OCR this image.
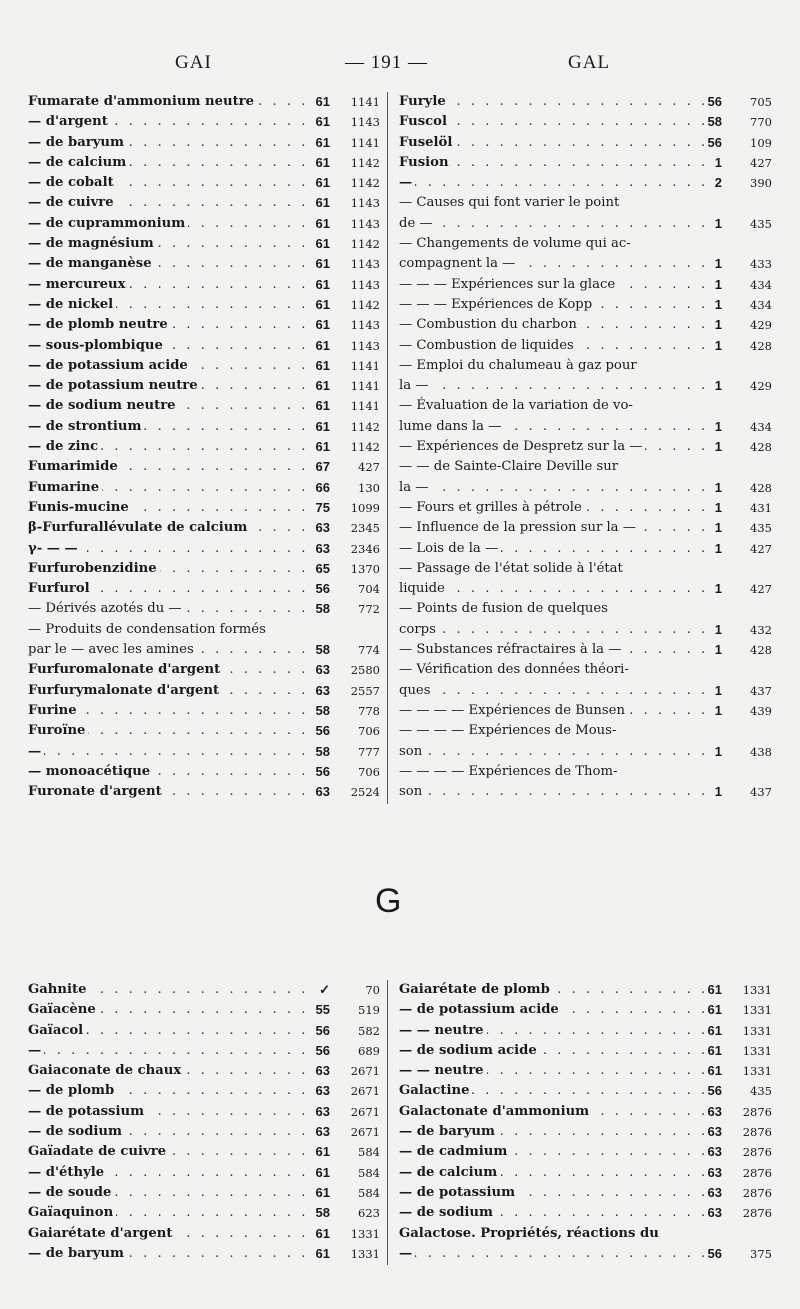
GAI	— 191 —	GAL
. . .
Fumarate d'ammonium neutre	61	1141
. . .
— d'argent	61	1143
. . .
— de baryum	61	1141
. . .
— de calcium	61	1142
. . .
— de cobalt	61	1142
. . .
— de cuivre	61	1143
. . .
— de cuprammonium	61	1143
. . .
— de magnésium	61	1142
. . .
— de manganèse	61	1143
. . .
— mercureux	61	1143
. . .
— de nickel	61	1142
. . .
— de plomb neutre	61	1143
. . .
— sous-plombique	61	1143
. . .
— de potassium acide	61	1141
. . .
— de potassium neutre	61	1141
. . .
— de sodium neutre	61	1141
. . .
— de strontium	61	1142
. . .
— de zinc	61	1142
. . .
Fumarimide	67	427
. . .
Fumarine	66	130
. . .
Funis-mucine	75	1099
. . .
β-Furfurallévulate de calcium	63	2345
. . .
γ- — —	63	2346
. . .
Furfurobenzidine	65	1370
. . .
Furfurol	56	704
. . .
— Dérivés azotés du —	58	772
— Produits de condensation formés
. . .
par le — avec les amines	58	774
. . .
Furfuromalonate d'argent	63	2580
. . .
Furfurymalonate d'argent	63	2557
. . .
Furine	58	778
. . .
Furoïne	56	706
. . .
—	58	777
. . .
— monoacétique	56	706
. . .
Furonate d'argent	63	2524
. . .
Furyle	56	705
. . .
Fuscol	58	770
. . .
Fuselöl	56	109
. . .
Fusion	1	427
. . .
—	2	390
— Causes qui font varier le point
. . .
de —	1	435
— Changements de volume qui ac-
. . .
compagnent la —	1	433
. . .
— — — Expériences sur la glace	1	434
. . .
— — — Expériences de Kopp	1	434
. . .
— Combustion du charbon	1	429
. . .
— Combustion de liquides	1	428
— Emploi du chalumeau à gaz pour
. . .
la —	1	429
— Évaluation de la variation de vo-
. . .
lume dans la —	1	434
. . .
— Expériences de Despretz sur la —	1	428
— — de Sainte-Claire Deville sur
. . .
la —	1	428
. . .
— Fours et grilles à pétrole	1	431
. . .
— Influence de la pression sur la —	1	435
. . .
— Lois de la —	1	427
— Passage de l'état solide à l'état
. . .
liquide	1	427
— Points de fusion de quelques
. . .
corps	1	432
. . .
— Substances réfractaires à la —	1	428
— Vérification des données théori-
. . .
ques	1	437
. . .
— — — — Expériences de Bunsen	1	439
— — — — Expériences de Mous-
. . .
son	1	438
— — — — Expériences de Thom-
. . .
son	1	437
G
. . .
Gahnite	✓	70
. . .
Gaïacène	55	519
. . .
Gaïacol	56	582
. . .
—	56	689
. . .
Gaiaconate de chaux	63	2671
. . .
— de plomb	63	2671
. . .
— de potassium	63	2671
. . .
— de sodium	63	2671
. . .
Gaïadate de cuivre	61	584
. . .
— d'éthyle	61	584
. . .
— de soude	61	584
. . .
Gaïaquinon	58	623
. . .
Gaiarétate d'argent	61	1331
. . .
— de baryum	61	1331
. . .
Gaiarétate de plomb	61	1331
. . .
— de potassium acide	61	1331
. . .
— — neutre	61	1331
. . .
— de sodium acide	61	1331
. . .
— — neutre	61	1331
. . .
Galactine	56	435
. . .
Galactonate d'ammonium	63	2876
. . .
— de baryum	63	2876
. . .
— de cadmium	63	2876
. . .
— de calcium	63	2876
. . .
— de potassium	63	2876
. . .
— de sodium	63	2876
Galactose. Propriétés, réactions du
. . .
—	56	375
